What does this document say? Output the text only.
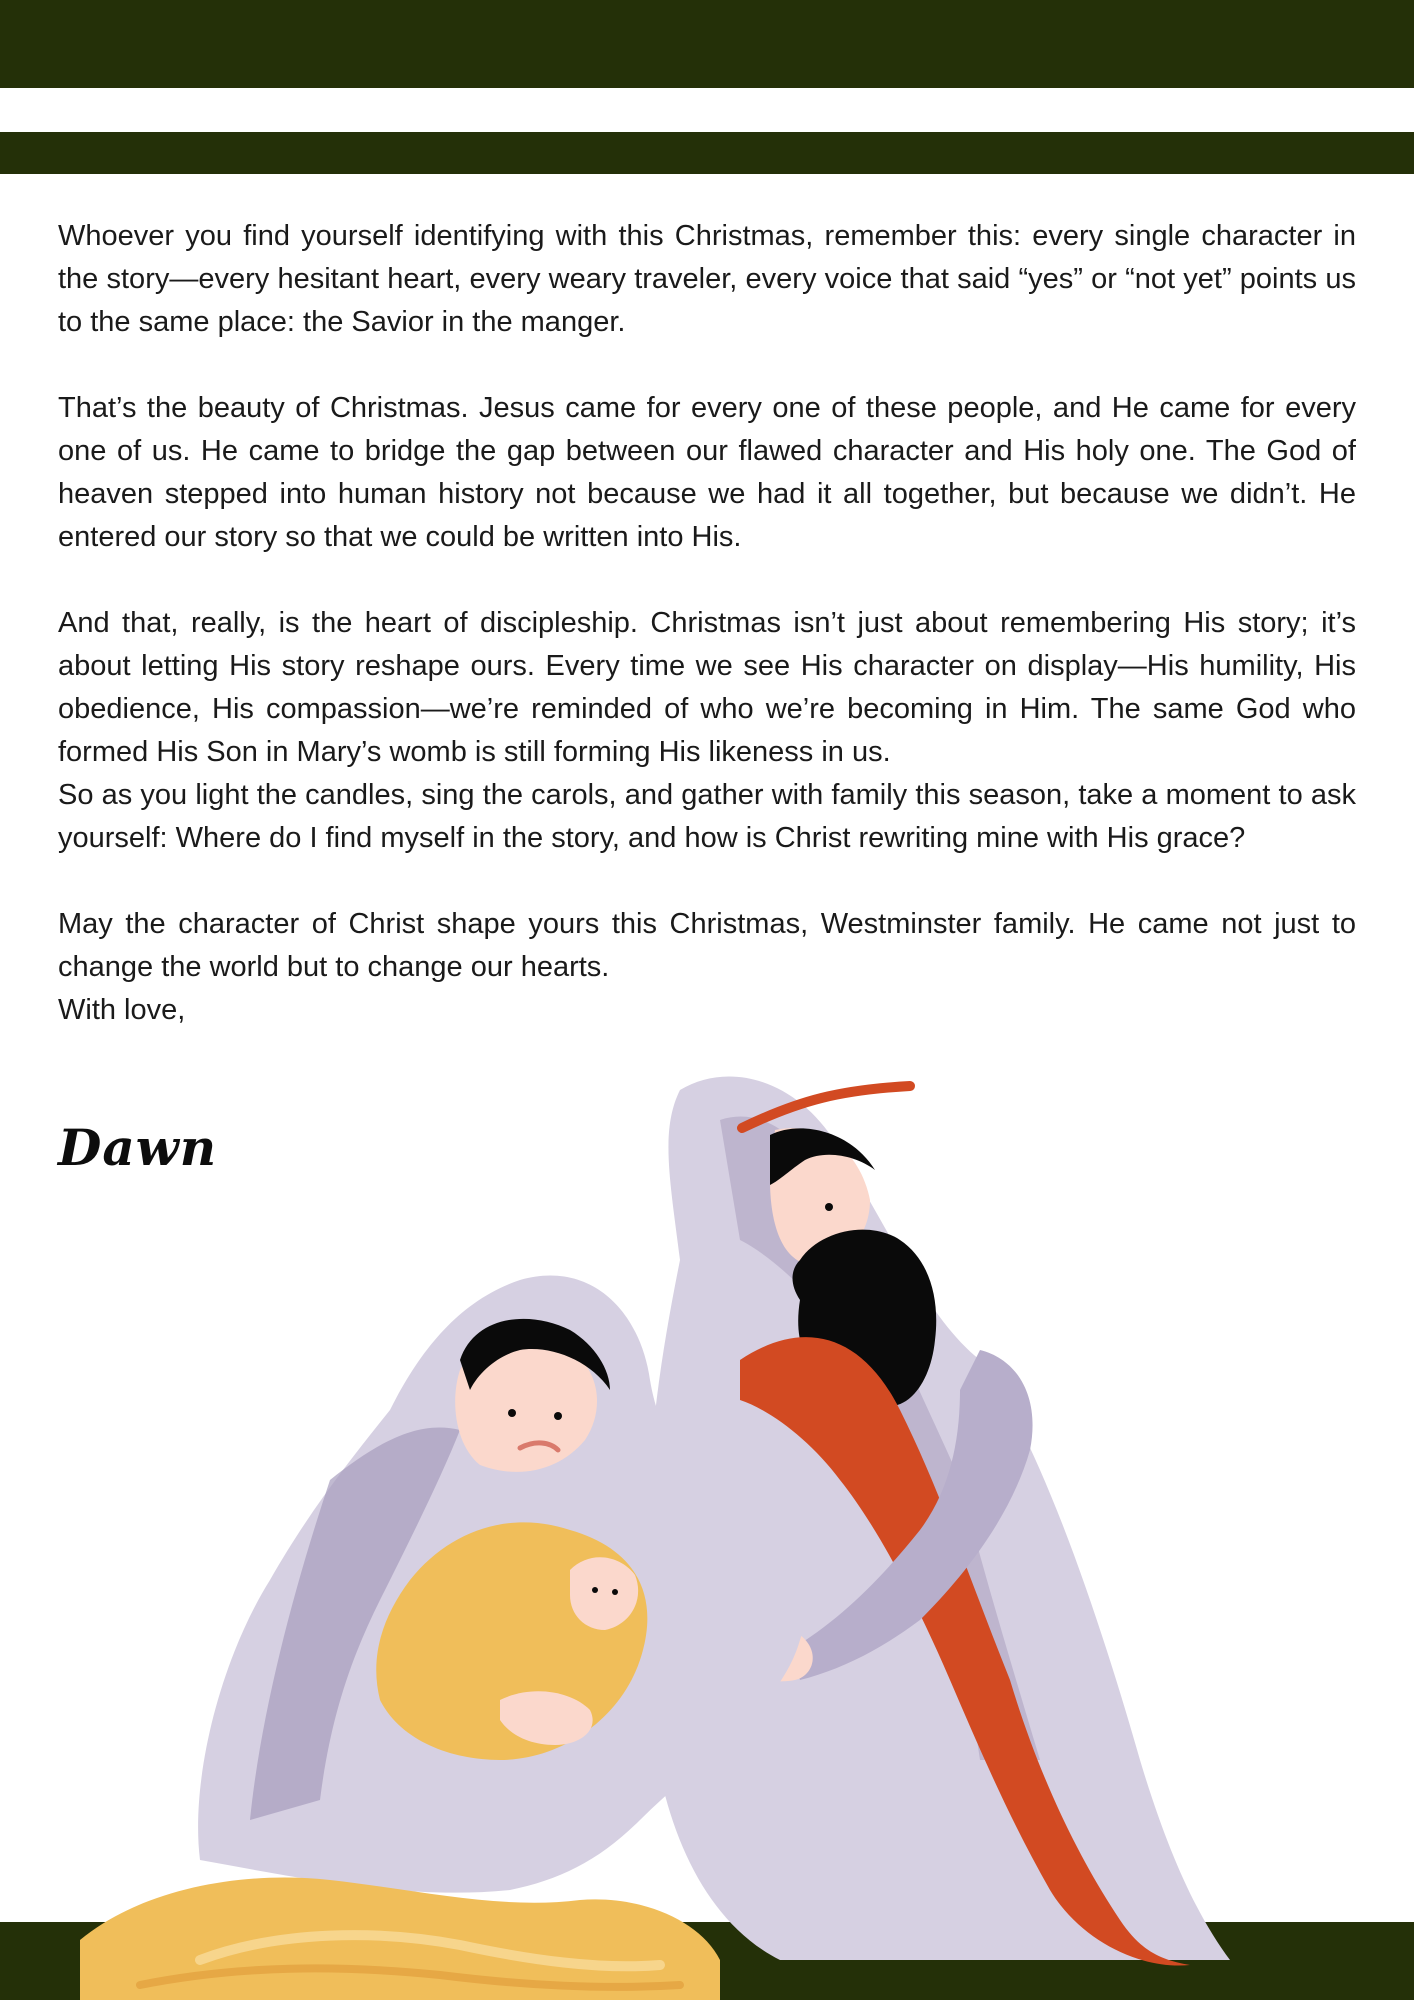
Whoever you find yourself identifying with this Christmas, remember this: every single character in the story—every hesitant heart, every weary traveler, every voice that said “yes” or “not yet” points us to the same place: the Savior in the manger.

That’s the beauty of Christmas. Jesus came for every one of these people, and He came for every one of us. He came to bridge the gap between our flawed character and His holy one. The God of heaven stepped into human history not because we had it all together, but because we didn’t. He entered our story so that we could be written into His.

And that, really, is the heart of discipleship. Christmas isn’t just about remembering His story; it’s about letting His story reshape ours. Every time we see His character on display—His humility, His obedience, His compassion—we’re reminded of who we’re becoming in Him. The same God who formed His Son in Mary’s womb is still forming His likeness in us.

So as you light the candles, sing the carols, and gather with family this season, take a moment to ask yourself: Where do I find myself in the story, and how is Christ rewriting mine with His grace?

May the character of Christ shape yours this Christmas, Westminster family. He came not just to change the world but to change our hearts.

With love,

Dawn
